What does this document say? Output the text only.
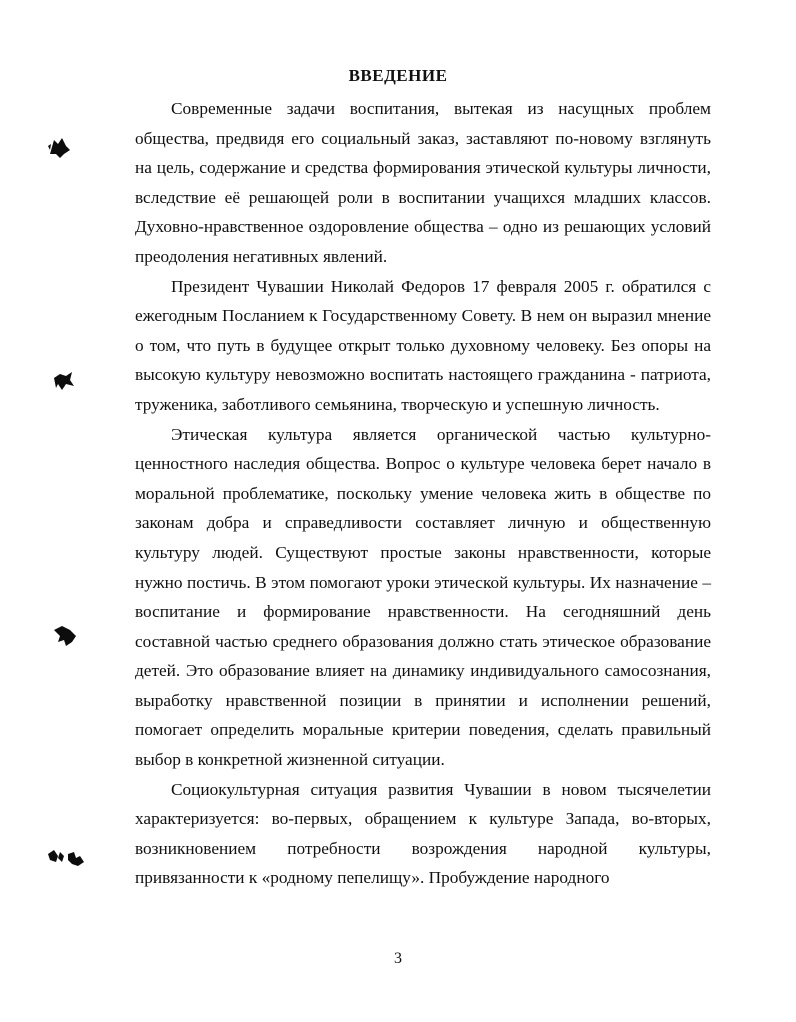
ВВЕДЕНИЕ

Современные задачи воспитания, вытекая из насущных проблем общества, предвидя его социальный заказ, заставляют по-новому взглянуть на цель, содержание и средства формирования этической культуры личности, вследствие её решающей роли в воспитании учащихся младших классов. Духовно-нравственное оздоровление общества – одно из решающих условий преодоления негативных явлений.

Президент Чувашии Николай Федоров 17 февраля 2005 г. обратился с ежегодным Посланием к Государственному Совету. В нем он выразил мнение о том, что путь в будущее открыт только духовному человеку. Без опоры на высокую культуру невозможно воспитать настоящего гражданина - патриота, труженика, заботливого семьянина, творческую и успешную личность.

Этическая культура является органической частью культурно-ценностного наследия общества. Вопрос о культуре человека берет начало в моральной проблематике, поскольку умение человека жить в обществе по законам добра и справедливости составляет личную и общественную культуру людей. Существуют простые законы нравственности, которые нужно постичь. В этом помогают уроки этической культуры. Их назначение – воспитание и формирование нравственности. На сегодняшний день составной частью среднего образования должно стать этическое образование детей. Это образование влияет на динамику индивидуального самосознания, выработку нравственной позиции в принятии и исполнении решений, помогает определить моральные критерии поведения, сделать правильный выбор в конкретной жизненной ситуации.

Социокультурная ситуация развития Чувашии в новом тысячелетии характеризуется: во-первых, обращением к культуре Запада, во-вторых, возникновением потребности возрождения народной культуры, привязанности к «родному пепелищу». Пробуждение народного

3
